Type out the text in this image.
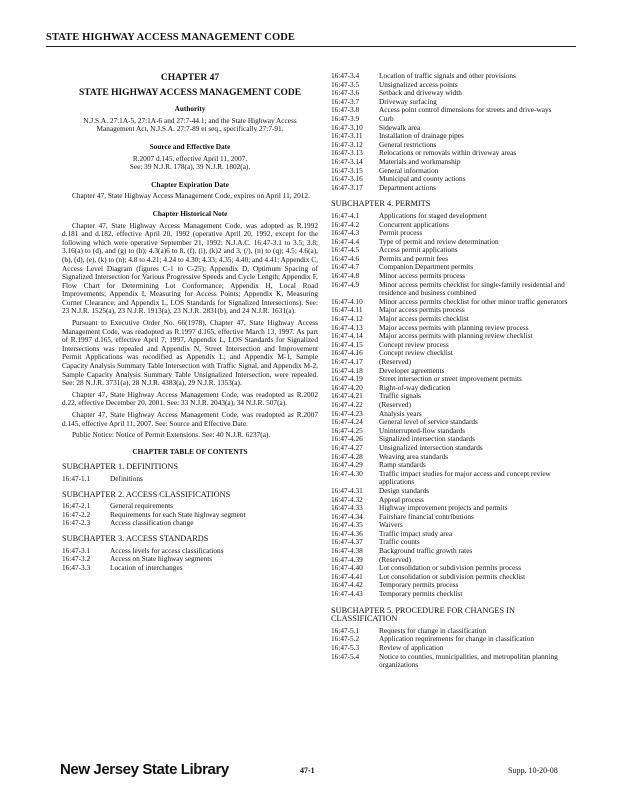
STATE HIGHWAY ACCESS MANAGEMENT CODE
CHAPTER 47
STATE HIGHWAY ACCESS MANAGEMENT CODE
Authority
N.J.S.A. 27:1A-5, 27:1A-6 and 27:7-44.1; and the State Highway Access Management Act, N.J.S.A. 27:7-89 et seq., specifically 27:7-91.
Source and Effective Date
R.2007 d.145, effective April 11, 2007.
See: 39 N.J.R. 178(a), 39 N.J.R. 1802(a).
Chapter Expiration Date
Chapter 47, State Highway Access Management Code, expires on April 11, 2012.
Chapter Historical Note
Chapter 47, State Highway Access Management Code, was adopted as R.1992 d.181 and d.182, effective April 20, 1992 (operative April 20, 1992, except for the following which were operative September 21, 1992: N.J.A.C. 16:47-3.1 to 3.5; 3.8; 3.16(a) to (d), and (g) to (h); 4.3(a)6 to 8, (f), (i), (k)2 and 3, (/), (n) to (q); 4.5; 4.6(a), (b), (d), (e), (k) to (n); 4.8 to 4.21; 4.24 to 4.30; 4.33; 4.35; 4.40; and 4.41; Appendix C, Access Level Diagram (figures C-1 to C-25); Appendix D, Optimum Spacing of Signalized Intersection for Various Progressive Speeds and Cycle Length; Appendix F, Flow Chart for Determining Lot Conformance; Appendix H, Local Road Improvements; Appendix I, Measuring for Access Points; Appendix K, Measuring Corner Clearance; and Appendix L, LOS Standards for Signalized Intersections). See: 23 N.J.R. 1525(a), 23 N.J.R. 1913(a), 23 N.J.R. 2831(b), and 24 N.J.R. 1631(a).
Pursuant to Executive Order No. 66(1978), Chapter 47, State Highway Access Management Code, was readopted as R.1997 d.165, effective March 13, 1997. As part of R.1997 d.165, effective April 7, 1997, Appendix L, LOS Standards for Signalized Intersections was repealed and Appendix N, Street Intersection and Improvement Permit Applications was recodified as Appendix L; and Appendix M-1, Sample Capacity Analysis Summary Table Intersection with Traffic Signal, and Appendix M-2, Sample Capacity Analysis Summary Table Unsignalized Intersection, were repealed. See: 28 N.J.R. 3731(a), 28 N.J.R. 4383(a), 29 N.J.R. 1353(a).
Chapter 47, State Highway Access Management Code, was readopted as R.2002 d.22, effective December 20, 2001. See: 33 N.J.R. 2043(a), 34 N.J.R. 507(a).
Chapter 47, State Highway Access Management Code, was readopted as R.2007 d.145, effective April 11, 2007. See: Source and Effective Date.
Public Notice: Notice of Permit Extensions. See: 40 N.J.R. 6237(a).
CHAPTER TABLE OF CONTENTS
SUBCHAPTER 1. DEFINITIONS
16:47-1.1	Definitions
SUBCHAPTER 2. ACCESS CLASSIFICATIONS
16:47-2.1	General requirements
16:47-2.2	Requirements for each State highway segment
16:47-2.3	Access classification change
SUBCHAPTER 3. ACCESS STANDARDS
16:47-3.1	Access levels for access classifications
16:47-3.2	Access on State highway segments
16:47-3.3	Location of interchanges
16:47-3.4	Location of traffic signals and other provisions
16:47-3.5	Unsignalized access points
16:47-3.6	Setback and driveway width
16:47-3.7	Driveway surfacing
16:47-3.8	Access point control dimensions for streets and drive-ways
16:47-3.9	Curb
16:47-3.10	Sidewalk area
16:47-3.11	Installation of drainage pipes
16:47-3.12	General restrictions
16:47-3.13	Relocations or removals within driveway areas
16:47-3.14	Materials and workmanship
16:47-3.15	General information
16:47-3.16	Municipal and county actions
16:47-3.17	Department actions
SUBCHAPTER 4. PERMITS
16:47-4.1	Applications for staged development
16:47-4.2	Concurrent applications
16:47-4.3	Permit process
16:47-4.4	Type of permit and review determination
16:47-4.5	Access permit applications
16:47-4.6	Permits and permit fees
16:47-4.7	Companion Department permits
16:47-4.8	Minor access permits process
16:47-4.9	Minor access permits checklist for single-family residential and residence and business combined
16:47-4.10	Minor access permits checklist for other minor traffic generators
16:47-4.11	Major access permits process
16:47-4.12	Major access permits checklist
16:47-4.13	Major access permits with planning review process
16:47-4.14	Major access permits with planning review checklist
16:47-4.15	Concept review process
16:47-4.16	Concept review checklist
16:47-4.17	(Reserved)
16:47-4.18	Developer agreements
16:47-4.19	Street intersection or street improvement permits
16:47-4.20	Right-of-way dedication
16:47-4.21	Traffic signals
16:47-4.22	(Reserved)
16:47-4.23	Analysis years
16:47-4.24	General level of service standards
16:47-4.25	Uninterrupted-flow standards
16:47-4.26	Signalized intersection standards
16:47-4.27	Unsignalized intersection standards
16:47-4.28	Weaving area standards
16:47-4.29	Ramp standards
16:47-4.30	Traffic impact studies for major access and concept review applications
16:47-4.31	Design standards
16:47-4.32	Appeal process
16:47-4.33	Highway improvement projects and permits
16:47-4.34	Fairshare financial contributions
16:47-4.35	Waivers
16:47-4.36	Traffic impact study area
16:47-4.37	Traffic counts
16:47-4.38	Background traffic growth rates
16:47-4.39	(Reserved)
16:47-4.40	Lot consolidation or subdivision permits process
16:47-4.41	Lot consolidation or subdivision permits checklist
16:47-4.42	Temporary permits process
16:47-4.43	Temporary permits checklist
SUBCHAPTER 5. PROCEDURE FOR CHANGES IN CLASSIFICATION
16:47-5.1	Requests for change in classification
16:47-5.2	Application requirements for change in classification
16:47-5.3	Review of application
16:47-5.4	Notice to counties, municipalities, and metropolitan planning organizations
New Jersey State Library	47-1	Supp. 10-20-08
